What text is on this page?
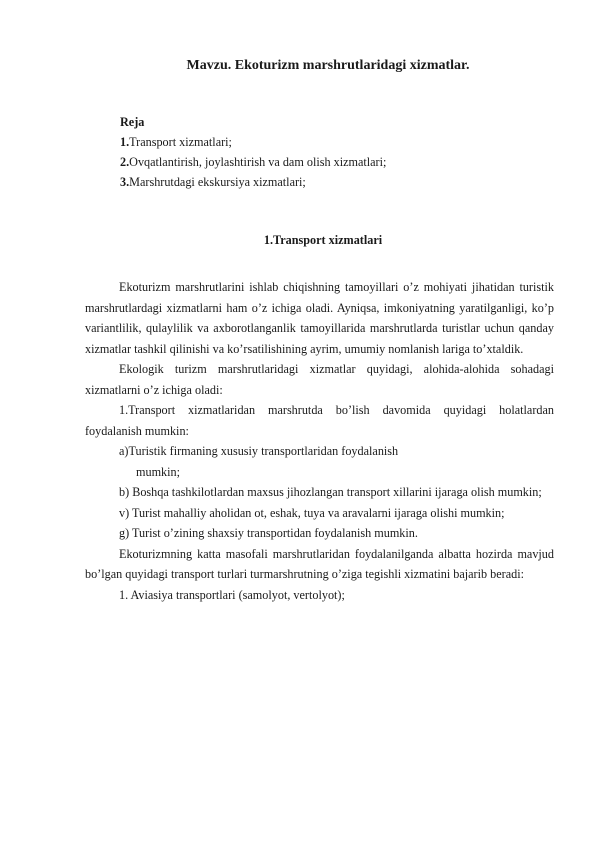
Mavzu. Ekoturizm marshrutlaridagi xizmatlar.
Reja
1.Transport xizmatlari;
2.Ovqatlantirish, joylashtirish va dam olish xizmatlari;
3.Marshrutdagi ekskursiya xizmatlari;
1.Transport xizmatlari

Ekoturizm marshrutlarini ishlab chiqishning tamoyillari o’z mohiyati jihatidan turistik marshrutlardagi xizmatlarni ham o’z ichiga oladi. Ayniqsa, imkoniyatning yaratilganligi, ko’p variantlilik, qulaylilik va axborotlanganlik tamoyillarida marshrutlarda turistlar uchun qanday xizmatlar tashkil qilinishi va ko’rsatilishining ayrim, umumiy nomlanish lariga to’xtaldik.

Ekologik turizm marshrutlaridagi xizmatlar quyidagi, alohida-alohida sohadagi xizmatlarni o’z ichiga oladi:

1.Transport xizmatlaridan marshrutda bo’lish davomida quyidagi holatlardan foydalanish mumkin:

a)Turistik firmaning xususiy transportlaridan foydalanish

mumkin;

b) Boshqa tashkilotlardan maxsus jihozlangan transport xillarini ijaraga olish mumkin;

v) Turist mahalliy aholidan ot, eshak, tuya va aravalarni ijaraga olishi mumkin;

g) Turist o’zining shaxsiy transportidan foydalanish mumkin.

Ekoturizmning katta masofali marshrutlaridan foydalanilganda albatta hozirda mavjud bo’lgan quyidagi transport turlari turmarshrutning o’ziga tegishli xizmatini bajarib beradi:

1. Aviasiya transportlari (samolyot, vertolyot);
